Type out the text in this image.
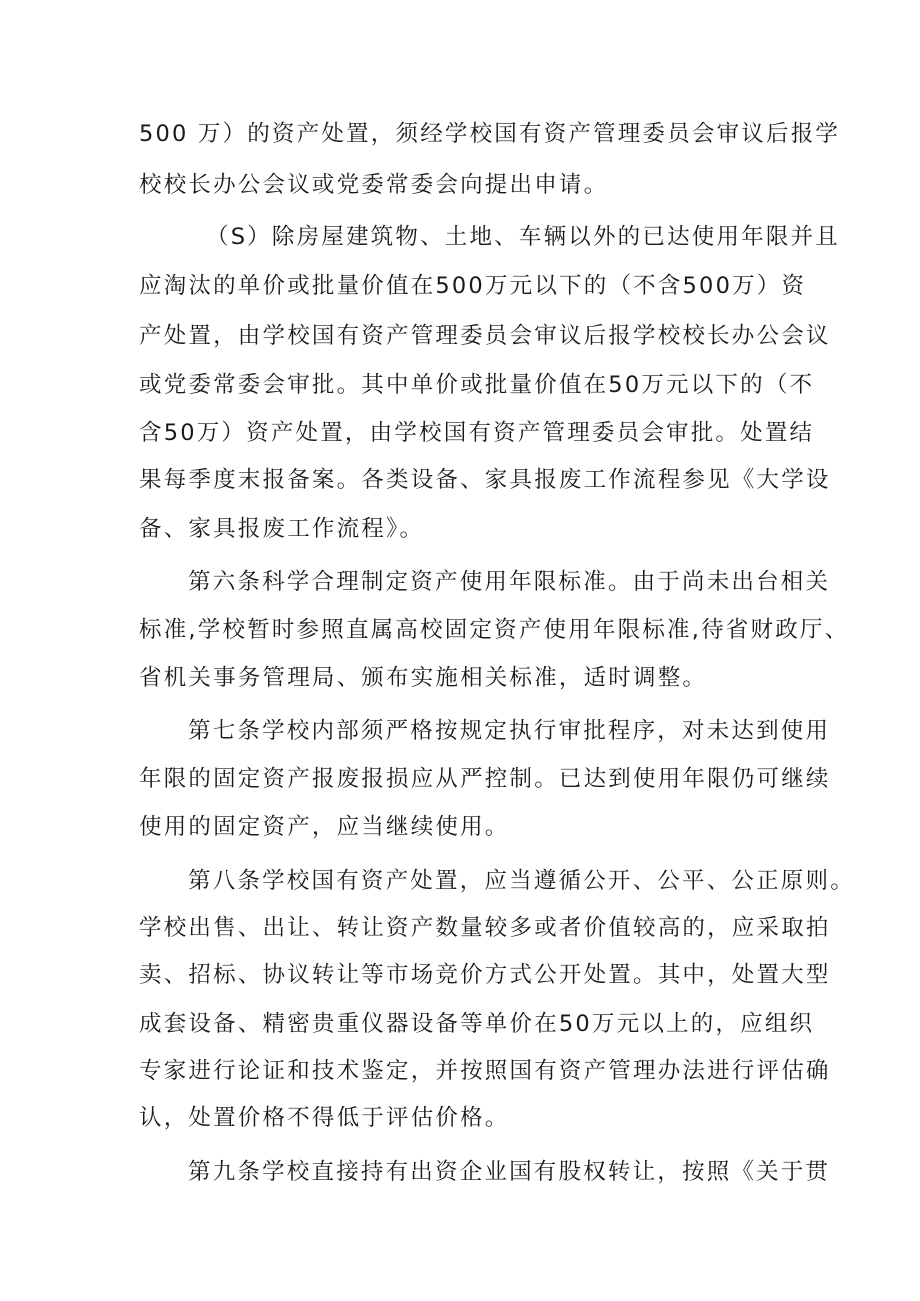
500 万）的资产处置，须经学校国有资产管理委员会审议后报学
校校长办公会议或党委常委会向提出申请。
（S）除房屋建筑物、土地、车辆以外的已达使用年限并且
应淘汰的单价或批量价值在500万元以下的（不含500万）资
产处置，由学校国有资产管理委员会审议后报学校校长办公会议
或党委常委会审批。其中单价或批量价值在50万元以下的（不
含50万）资产处置，由学校国有资产管理委员会审批。处置结
果每季度末报备案。各类设备、家具报废工作流程参见《大学设
备、家具报废工作流程》。
第六条科学合理制定资产使用年限标准。由于尚未出台相关
标准,学校暂时参照直属高校固定资产使用年限标准,待省财政厅、
省机关事务管理局、颁布实施相关标准，适时调整。
第七条学校内部须严格按规定执行审批程序，对未达到使用
年限的固定资产报废报损应从严控制。已达到使用年限仍可继续
使用的固定资产，应当继续使用。
第八条学校国有资产处置，应当遵循公开、公平、公正原则。
学校出售、出让、转让资产数量较多或者价值较高的，应采取拍
卖、招标、协议转让等市场竞价方式公开处置。其中，处置大型
成套设备、精密贵重仪器设备等单价在50万元以上的，应组织
专家进行论证和技术鉴定，并按照国有资产管理办法进行评估确
认，处置价格不得低于评估价格。
第九条学校直接持有出资企业国有股权转让，按照《关于贯
